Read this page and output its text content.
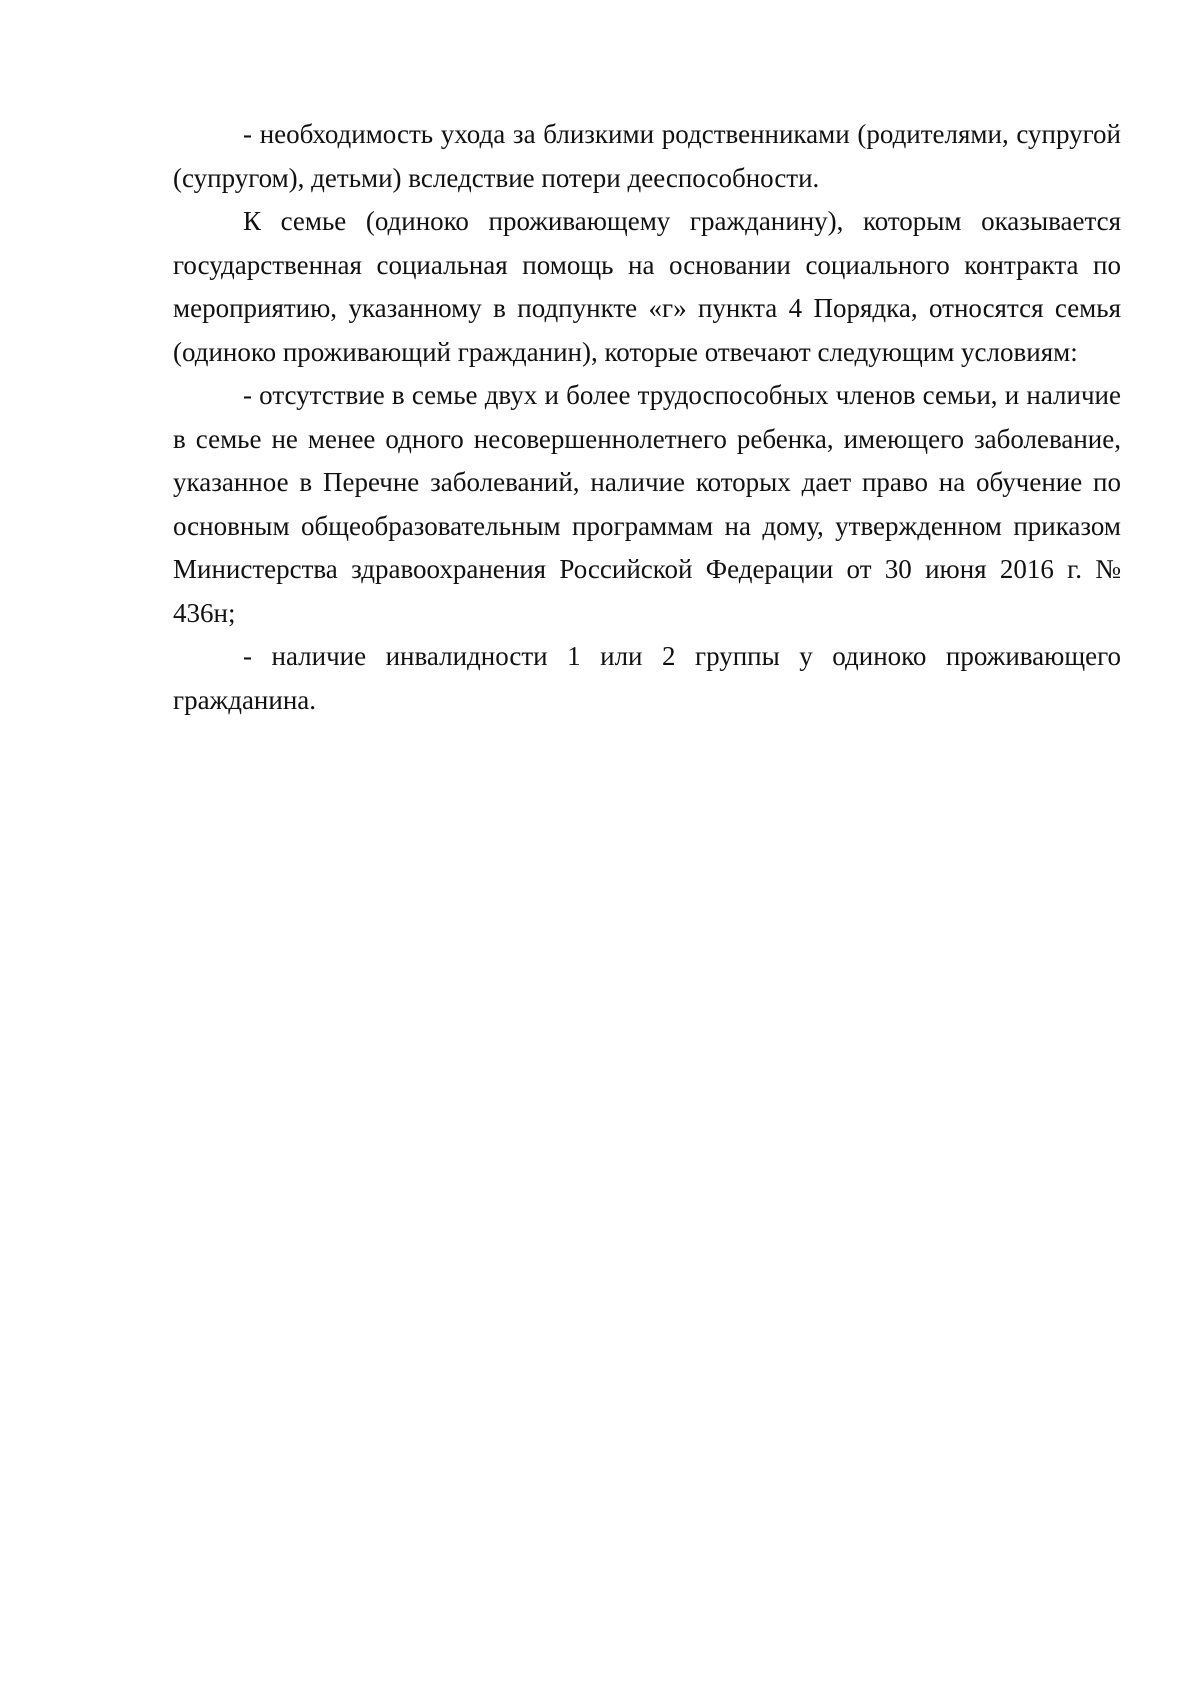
- необходимость ухода за близкими родственниками (родителями, супругой (супругом), детьми) вследствие потери дееспособности.

К семье (одиноко проживающему гражданину), которым оказывается государственная социальная помощь на основании социального контракта по мероприятию, указанному в подпункте «г» пункта 4 Порядка, относятся семья (одиноко проживающий гражданин), которые отвечают следующим условиям:

- отсутствие в семье двух и более трудоспособных членов семьи, и наличие в семье не менее одного несовершеннолетнего ребенка, имеющего заболевание, указанное в Перечне заболеваний, наличие которых дает право на обучение по основным общеобразовательным программам на дому, утвержденном приказом Министерства здравоохранения Российской Федерации от 30 июня 2016 г. № 436н;

- наличие инвалидности 1 или 2 группы у одиноко проживающего гражданина.
